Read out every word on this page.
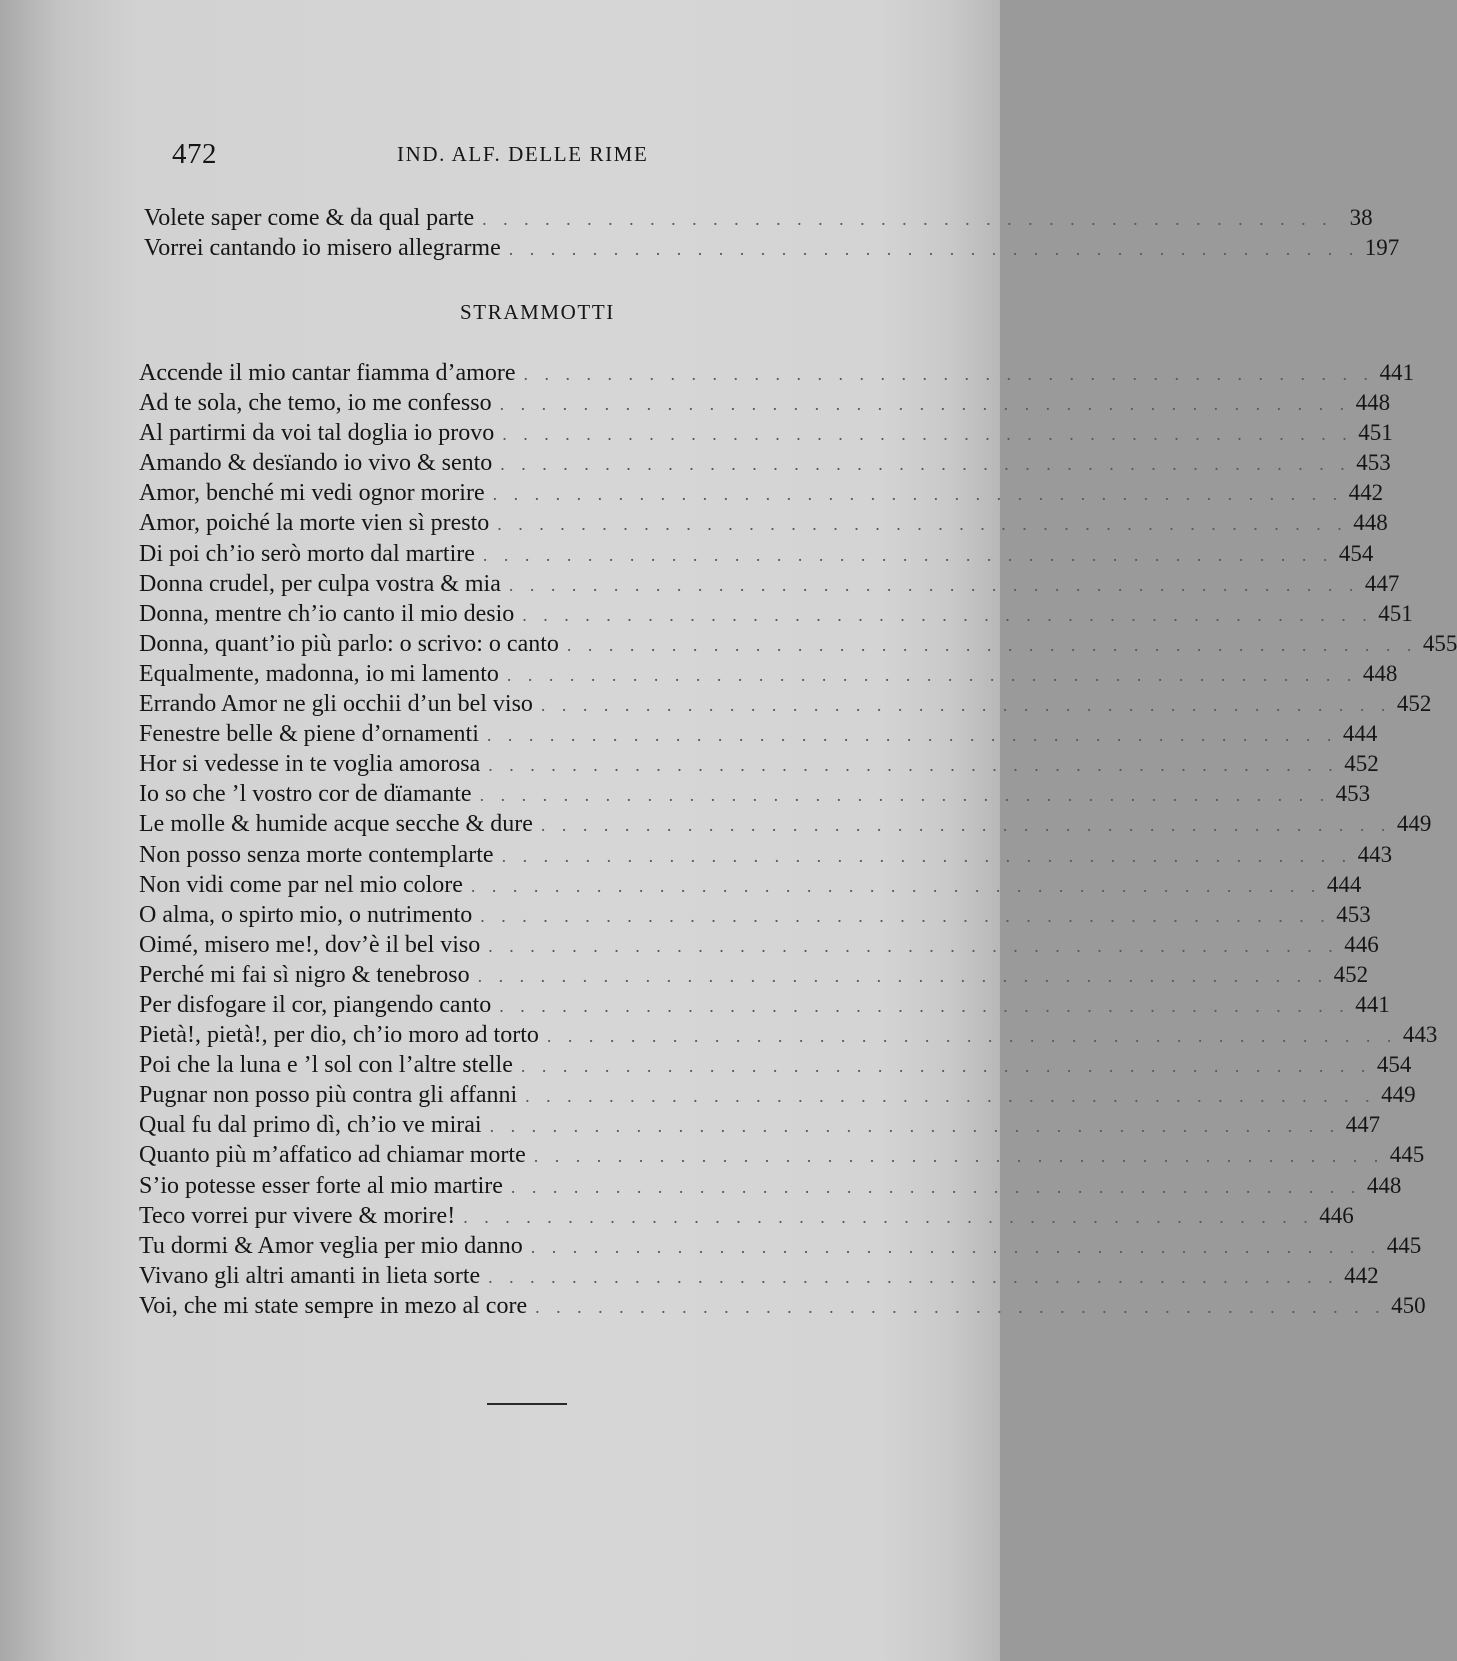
472	IND. ALF. DELLE RIME
Volete saper come & da qual parte . . . . . . . . . . . . . . . . . . . . . . . . . . . . . . . . . . . . . . . . . 38
Vorrei cantando io misero allegrarme . . . . . . . . . . . . . . . . . . . . . . . . . . . . . . . . . . . . . . . . . 197
STRAMMOTTI
Accende il mio cantar fiamma d’amore . . . . . . . . . . . . . . . . . . . . . . . . . . . . . . . . . . . . . . . . . 441
Ad te sola, che temo, io me confesso . . . . . . . . . . . . . . . . . . . . . . . . . . . . . . . . . . . . . . . . . 448
Al partirmi da voi tal doglia io provo . . . . . . . . . . . . . . . . . . . . . . . . . . . . . . . . . . . . . . . . . 451
Amando & desïando io vivo & sento . . . . . . . . . . . . . . . . . . . . . . . . . . . . . . . . . . . . . . . . . 453
Amor, benché mi vedi ognor morire . . . . . . . . . . . . . . . . . . . . . . . . . . . . . . . . . . . . . . . . . 442
Amor, poiché la morte vien sì presto . . . . . . . . . . . . . . . . . . . . . . . . . . . . . . . . . . . . . . . . . 448
Di poi ch’io serò morto dal martire . . . . . . . . . . . . . . . . . . . . . . . . . . . . . . . . . . . . . . . . . 454
Donna crudel, per culpa vostra & mia . . . . . . . . . . . . . . . . . . . . . . . . . . . . . . . . . . . . . . . . . 447
Donna, mentre ch’io canto il mio desio . . . . . . . . . . . . . . . . . . . . . . . . . . . . . . . . . . . . . . . . . 451
Donna, quant’io più parlo: o scrivo: o canto . . . . . . . . . . . . . . . . . . . . . . . . . . . . . . . . . . . . . . . . . 455
Equalmente, madonna, io mi lamento . . . . . . . . . . . . . . . . . . . . . . . . . . . . . . . . . . . . . . . . . 448
Errando Amor ne gli occhii d’un bel viso . . . . . . . . . . . . . . . . . . . . . . . . . . . . . . . . . . . . . . . . . 452
Fenestre belle & piene d’ornamenti . . . . . . . . . . . . . . . . . . . . . . . . . . . . . . . . . . . . . . . . . 444
Hor si vedesse in te voglia amorosa . . . . . . . . . . . . . . . . . . . . . . . . . . . . . . . . . . . . . . . . . 452
Io so che ’l vostro cor de dïamante . . . . . . . . . . . . . . . . . . . . . . . . . . . . . . . . . . . . . . . . . 453
Le molle & humide acque secche & dure . . . . . . . . . . . . . . . . . . . . . . . . . . . . . . . . . . . . . . . . . 449
Non posso senza morte contemplarte . . . . . . . . . . . . . . . . . . . . . . . . . . . . . . . . . . . . . . . . . 443
Non vidi come par nel mio colore . . . . . . . . . . . . . . . . . . . . . . . . . . . . . . . . . . . . . . . . . 444
O alma, o spirto mio, o nutrimento . . . . . . . . . . . . . . . . . . . . . . . . . . . . . . . . . . . . . . . . . 453
Oimé, misero me!, dov’è il bel viso . . . . . . . . . . . . . . . . . . . . . . . . . . . . . . . . . . . . . . . . . 446
Perché mi fai sì nigro & tenebroso . . . . . . . . . . . . . . . . . . . . . . . . . . . . . . . . . . . . . . . . . 452
Per disfogare il cor, piangendo canto . . . . . . . . . . . . . . . . . . . . . . . . . . . . . . . . . . . . . . . . . 441
Pietà!, pietà!, per dio, ch’io moro ad torto . . . . . . . . . . . . . . . . . . . . . . . . . . . . . . . . . . . . . . . . . 443
Poi che la luna e ’l sol con l’altre stelle . . . . . . . . . . . . . . . . . . . . . . . . . . . . . . . . . . . . . . . . . 454
Pugnar non posso più contra gli affanni . . . . . . . . . . . . . . . . . . . . . . . . . . . . . . . . . . . . . . . . . 449
Qual fu dal primo dì, ch’io ve mirai . . . . . . . . . . . . . . . . . . . . . . . . . . . . . . . . . . . . . . . . . 447
Quanto più m’affatico ad chiamar morte . . . . . . . . . . . . . . . . . . . . . . . . . . . . . . . . . . . . . . . . . 445
S’io potesse esser forte al mio martire . . . . . . . . . . . . . . . . . . . . . . . . . . . . . . . . . . . . . . . . . 448
Teco vorrei pur vivere & morire! . . . . . . . . . . . . . . . . . . . . . . . . . . . . . . . . . . . . . . . . . 446
Tu dormi & Amor veglia per mio danno . . . . . . . . . . . . . . . . . . . . . . . . . . . . . . . . . . . . . . . . . 445
Vivano gli altri amanti in lieta sorte . . . . . . . . . . . . . . . . . . . . . . . . . . . . . . . . . . . . . . . . . 442
Voi, che mi state sempre in mezo al core . . . . . . . . . . . . . . . . . . . . . . . . . . . . . . . . . . . . . . . . . 450
